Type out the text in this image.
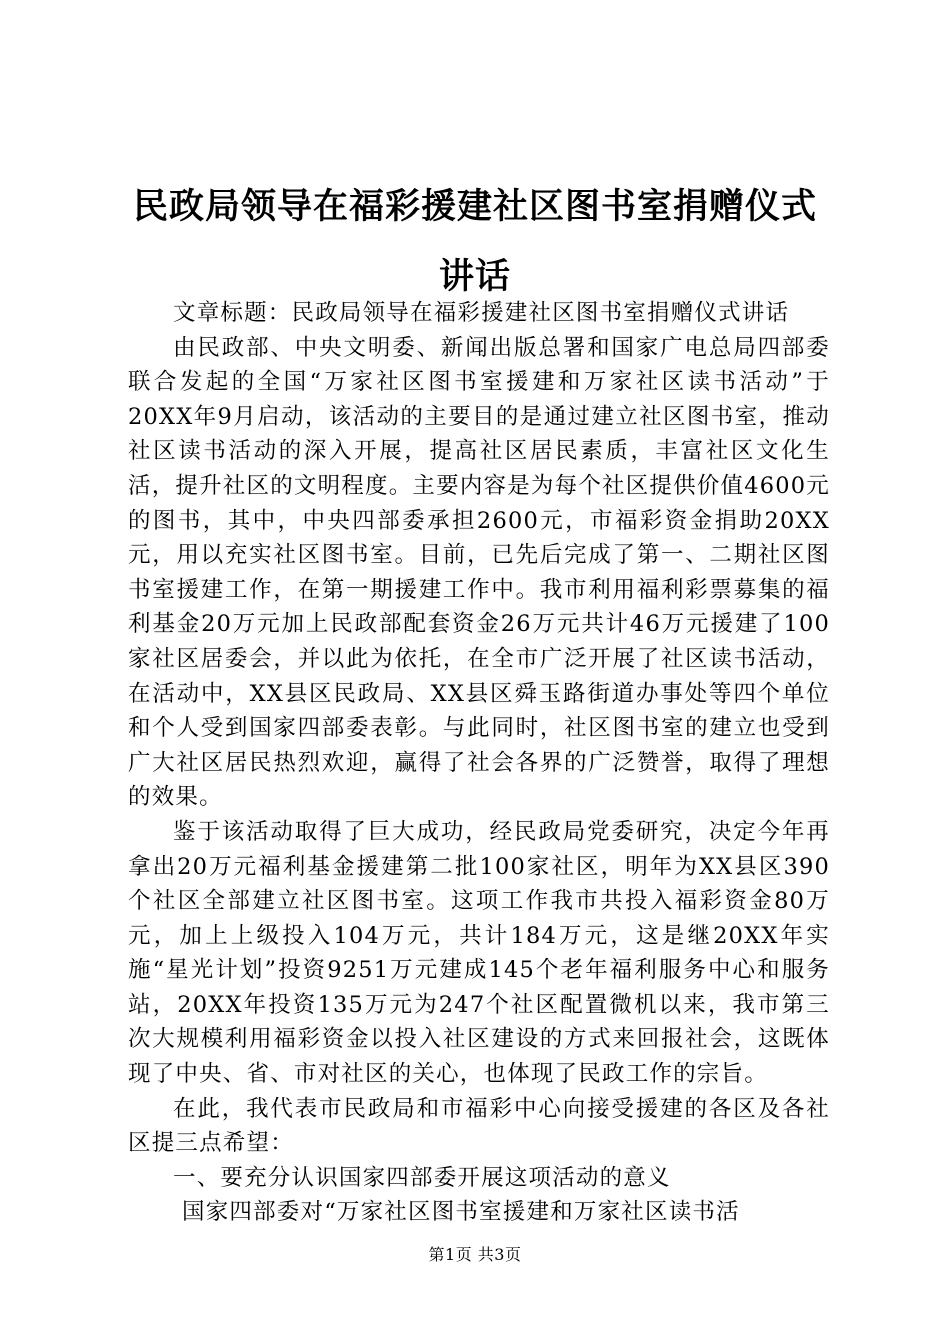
民政局领导在福彩援建社区图书室捐赠仪式讲话

文章标题：民政局领导在福彩援建社区图书室捐赠仪式讲话

由民政部、中央文明委、新闻出版总署和国家广电总局四部委联合发起的全国“万家社区图书室援建和万家社区读书活动”于20XX年9月启动，该活动的主要目的是通过建立社区图书室，推动社区读书活动的深入开展，提高社区居民素质，丰富社区文化生活，提升社区的文明程度。主要内容是为每个社区提供价值4600元的图书，其中，中央四部委承担2600元，市福彩资金捐助20XX元，用以充实社区图书室。目前，已先后完成了第一、二期社区图书室援建工作，在第一期援建工作中。我市利用福利彩票募集的福利基金20万元加上民政部配套资金26万元共计46万元援建了100家社区居委会，并以此为依托，在全市广泛开展了社区读书活动，在活动中，XX县区民政局、XX县区舜玉路街道办事处等四个单位和个人受到国家四部委表彰。与此同时，社区图书室的建立也受到广大社区居民热烈欢迎，赢得了社会各界的广泛赞誉，取得了理想的效果。

鉴于该活动取得了巨大成功，经民政局党委研究，决定今年再拿出20万元福利基金援建第二批100家社区，明年为XX县区390个社区全部建立社区图书室。这项工作我市共投入福彩资金80万元，加上上级投入104万元，共计184万元，这是继20XX年实施“星光计划”投资9251万元建成145个老年福利服务中心和服务站，20XX年投资135万元为247个社区配置微机以来，我市第三次大规模利用福彩资金以投入社区建设的方式来回报社会，这既体现了中央、省、市对社区的关心，也体现了民政工作的宗旨。

在此，我代表市民政局和市福彩中心向接受援建的各区及各社区提三点希望：

一、要充分认识国家四部委开展这项活动的意义

国家四部委对“万家社区图书室援建和万家社区读书活

第1页 共3页
